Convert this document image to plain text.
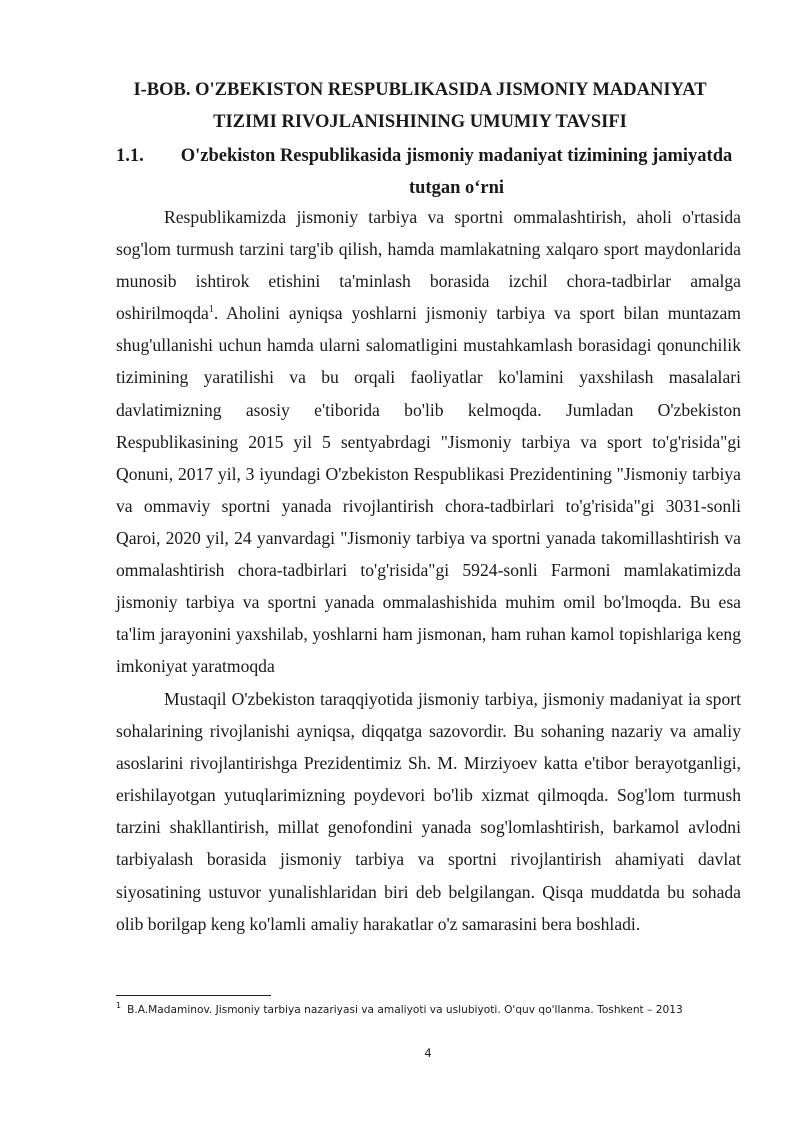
I-BOB. O'ZBEKISTON RESPUBLIKASIDA JISMONIY MADANIYAT TIZIMI RIVOJLANISHINING UMUMIY TAVSIFI
1.1.	O'zbekiston Respublikasida jismoniy madaniyat tizimining jamiyatda tutgan o‘rni

Respublikamizda jismoniy tarbiya va sportni ommalashtirish, aholi o'rtasida sog'lom turmush tarzini targ'ib qilish, hamda mamlakatning xalqaro sport maydonlarida munosib ishtirok etishini ta'minlash borasida izchil chora-tadbirlar amalga oshirilmoqda$^1$. Aholini ayniqsa yoshlarni jismoniy tarbiya va sport bilan muntazam shug'ullanishi uchun hamda ularni salomatligini mustahkamlash borasidagi qonunchilik tizimining yaratilishi va bu orqali faoliyatlar ko'lamini yaxshilash masalalari davlatimizning asosiy e'tiborida bo'lib kelmoqda. Jumladan O'zbekiston Respublikasining 2015 yil 5 sentyabrdagi "Jismoniy tarbiya va sport to'g'risida"gi Qonuni, 2017 yil, 3 iyundagi O'zbekiston Respublikasi Prezidentining "Jismoniy tarbiya va ommaviy sportni yanada rivojlantirish chora-tadbirlari to'g'risida"gi 3031-sonli Qaroi, 2020 yil, 24 yanvardagi "Jismoniy tarbiya va sportni yanada takomillashtirish va ommalashtirish chora-tadbirlari to'g'risida"gi 5924-sonli Farmoni mamlakatimizda jismoniy tarbiya va sportni yanada ommalashishida muhim omil bo'lmoqda. Bu esa ta'lim jarayonini yaxshilab, yoshlarni ham jismonan, ham ruhan kamol topishlariga keng imkoniyat yaratmoqda

Mustaqil O'zbekiston taraqqiyotida jismoniy tarbiya, jismoniy madaniyat ia sport sohalarining rivojlanishi ayniqsa, diqqatga sazovordir. Bu sohaning nazariy va amaliy asoslarini rivojlantirishga Prezidentimiz Sh. M. Mirziyoev katta e'tibor berayotganligi, erishilayotgan yutuqlarimizning poydevori bo'lib xizmat qilmoqda. Sog'lom turmush tarzini shakllantirish, millat genofondini yanada sog'lomlashtirish, barkamol avlodni tarbiyalash borasida jismoniy tarbiya va sportni rivojlantirish ahamiyati davlat siyosatining ustuvor yunalishlaridan biri deb belgilangan. Qisqa muddatda bu sohada olib borilgap keng ko'lamli amaliy harakatlar o'z samarasini bera boshladi.

$^1$ B.A.Madaminov. Jismoniy tarbiya nazariyasi va amaliyoti va uslubiyoti. O'quv qo'llanma. Toshkent – 2013
4
